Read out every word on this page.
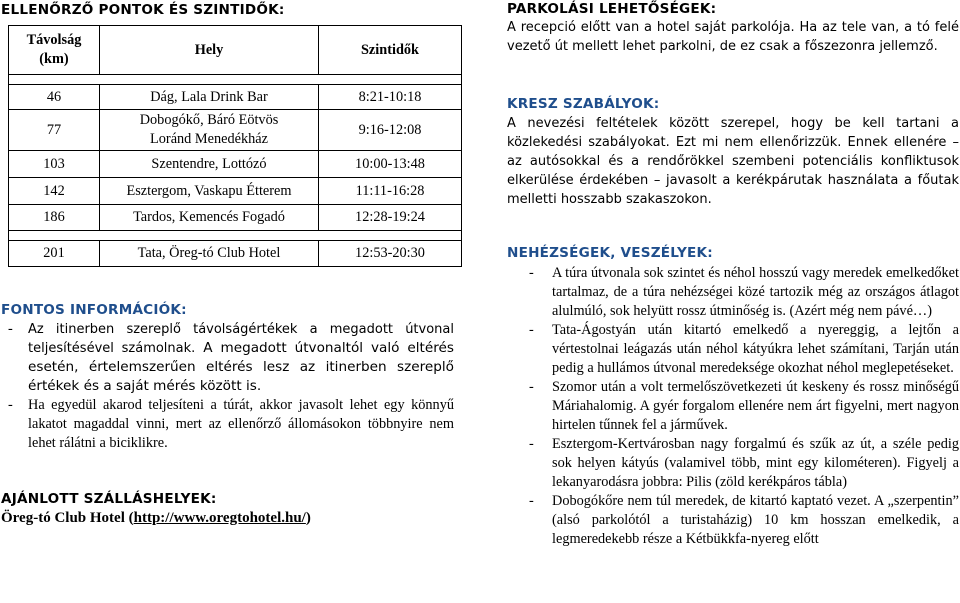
ELLENŐRZŐ PONTOK ÉS SZINTIDŐK:
Távolság (km)	Hely	Szintidők

46	Dág, Lala Drink Bar	8:21-10:18
77	Dobogókő, Báró Eötvös Loránd Menedékház	9:16-12:08
103	Szentendre, Lottózó	10:00-13:48
142	Esztergom, Vaskapu Étterem	11:11-16:28
186	Tardos, Kemencés Fogadó	12:28-19:24

201	Tata, Öreg-tó Club Hotel	12:53-20:30
FONTOS INFORMÁCIÓK:
- Az itinerben szereplő távolságértékek a megadott útvonal teljesítésével számolnak. A megadott útvonaltól való eltérés esetén, értelemszerűen eltérés lesz az itinerben szereplő értékek és a saját mérés között is.
- Ha egyedül akarod teljesíteni a túrát, akkor javasolt lehet egy könnyű lakatot magaddal vinni, mert az ellenőrző állomásokon többnyire nem lehet rálátni a biciklikre.
AJÁNLOTT SZÁLLÁSHELYEK:
Öreg-tó Club Hotel (http://www.oregtohotel.hu/)
PARKOLÁSI LEHETŐSÉGEK:

A recepció előtt van a hotel saját parkolója. Ha az tele van, a tó felé vezető út mellett lehet parkolni, de ez csak a főszezonra jellemző.

KRESZ SZABÁLYOK:

A nevezési feltételek között szerepel, hogy be kell tartani a közlekedési szabályokat. Ezt mi nem ellenőrizzük. Ennek ellenére – az autósokkal és a rendőrökkel szembeni potenciális konfliktusok elkerülése érdekében – javasolt a kerékpárutak használata a főutak melletti hosszabb szakaszokon.

NEHÉZSÉGEK, VESZÉLYEK:
- A túra útvonala sok szintet és néhol hosszú vagy meredek emelkedőket tartalmaz, de a túra nehézségei közé tartozik még az országos átlagot alulmúló, sok helyütt rossz útminőség is. (Azért még nem pávé…)
- Tata-Ágostyán után kitartó emelkedő a nyereggig, a lejtőn a vértestolnai leágazás után néhol kátyúkra lehet számítani, Tarján után pedig a hullámos útvonal meredeksége okozhat néhol meglepetéseket.
- Szomor után a volt termelőszövetkezeti út keskeny és rossz minőségű Máriahalomig. A gyér forgalom ellenére nem árt figyelni, mert nagyon hirtelen tűnnek fel a járművek.
- Esztergom-Kertvárosban nagy forgalmú és szűk az út, a széle pedig sok helyen kátyús (valamivel több, mint egy kilométeren). Figyelj a lekanyarodásra jobbra: Pilis (zöld kerékpáros tábla)
- Dobogókőre nem túl meredek, de kitartó kaptató vezet. A „szerpentin” (alsó parkolótól a turistaházig) 10 km hosszan emelkedik, a legmeredekebb része a Kétbükkfa-nyereg előtt
